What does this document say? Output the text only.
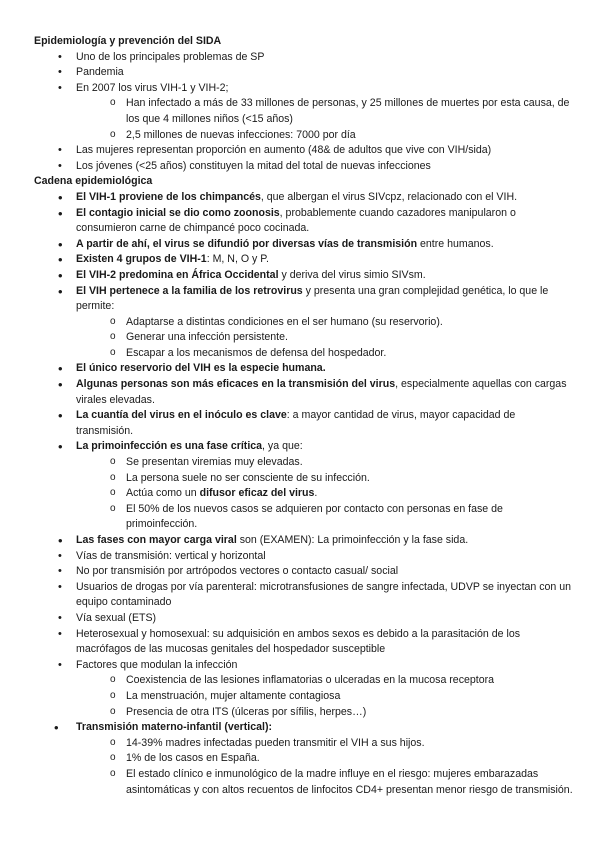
Epidemiología y prevención del SIDA

• Uno de los principales problemas de SP
• Pandemia
• En 2007 los virus VIH-1 y VIH-2;
o Han infectado a más de 33 millones de personas, y 25 millones de muertes por esta causa, de los que 4 millones niños (<15 años)
o 2,5 millones de nuevas infecciones: 7000 por día
• Las mujeres representan proporción en aumento (48& de adultos que vive con VIH/sida)
• Los jóvenes (<25 años) constituyen la mitad del total de nuevas infecciones

Cadena epidemiológica

• El VIH-1 proviene de los chimpancés, que albergan el virus SIVcpz, relacionado con el VIH.
• El contagio inicial se dio como zoonosis, probablemente cuando cazadores manipularon o consumieron carne de chimpancé poco cocinada.
• A partir de ahí, el virus se difundió por diversas vías de transmisión entre humanos.
• Existen 4 grupos de VIH-1: M, N, O y P.
• El VIH-2 predomina en África Occidental y deriva del virus simio SIVsm.
• El VIH pertenece a la familia de los retrovirus y presenta una gran complejidad genética, lo que le permite:
o Adaptarse a distintas condiciones en el ser humano (su reservorio).
o Generar una infección persistente.
o Escapar a los mecanismos de defensa del hospedador.
• El único reservorio del VIH es la especie humana.
• Algunas personas son más eficaces en la transmisión del virus, especialmente aquellas con cargas virales elevadas.
• La cuantía del virus en el inóculo es clave: a mayor cantidad de virus, mayor capacidad de transmisión.
• La primoinfección es una fase crítica, ya que:
o Se presentan viremias muy elevadas.
o La persona suele no ser consciente de su infección.
o Actúa como un difusor eficaz del virus.
o El 50% de los nuevos casos se adquieren por contacto con personas en fase de primoinfección.
• Las fases con mayor carga viral son (EXAMEN): La primoinfección y la fase sida.
• Vías de transmisión: vertical y horizontal
• No por transmisión por artrópodos vectores o contacto casual/ social
• Usuarios de drogas por vía parenteral: microtransfusiones de sangre infectada, UDVP se inyectan con un equipo contaminado
• Vía sexual (ETS)
• Heterosexual y homosexual: su adquisición en ambos sexos es debido a la parasitación de los macrófagos de las mucosas genitales del hospedador susceptible
• Factores que modulan la infección
o Coexistencia de las lesiones inflamatorias o ulceradas en la mucosa receptora
o La menstruación, mujer altamente contagiosa
o Presencia de otra ITS (úlceras por sífilis, herpes…)
• Transmisión materno-infantil (vertical):
o 14-39% madres infectadas pueden transmitir el VIH a sus hijos.
o 1% de los casos en España.
o El estado clínico e inmunológico de la madre influye en el riesgo: mujeres embarazadas asintomáticas y con altos recuentos de linfocitos CD4+ presentan menor riesgo de transmisión.
